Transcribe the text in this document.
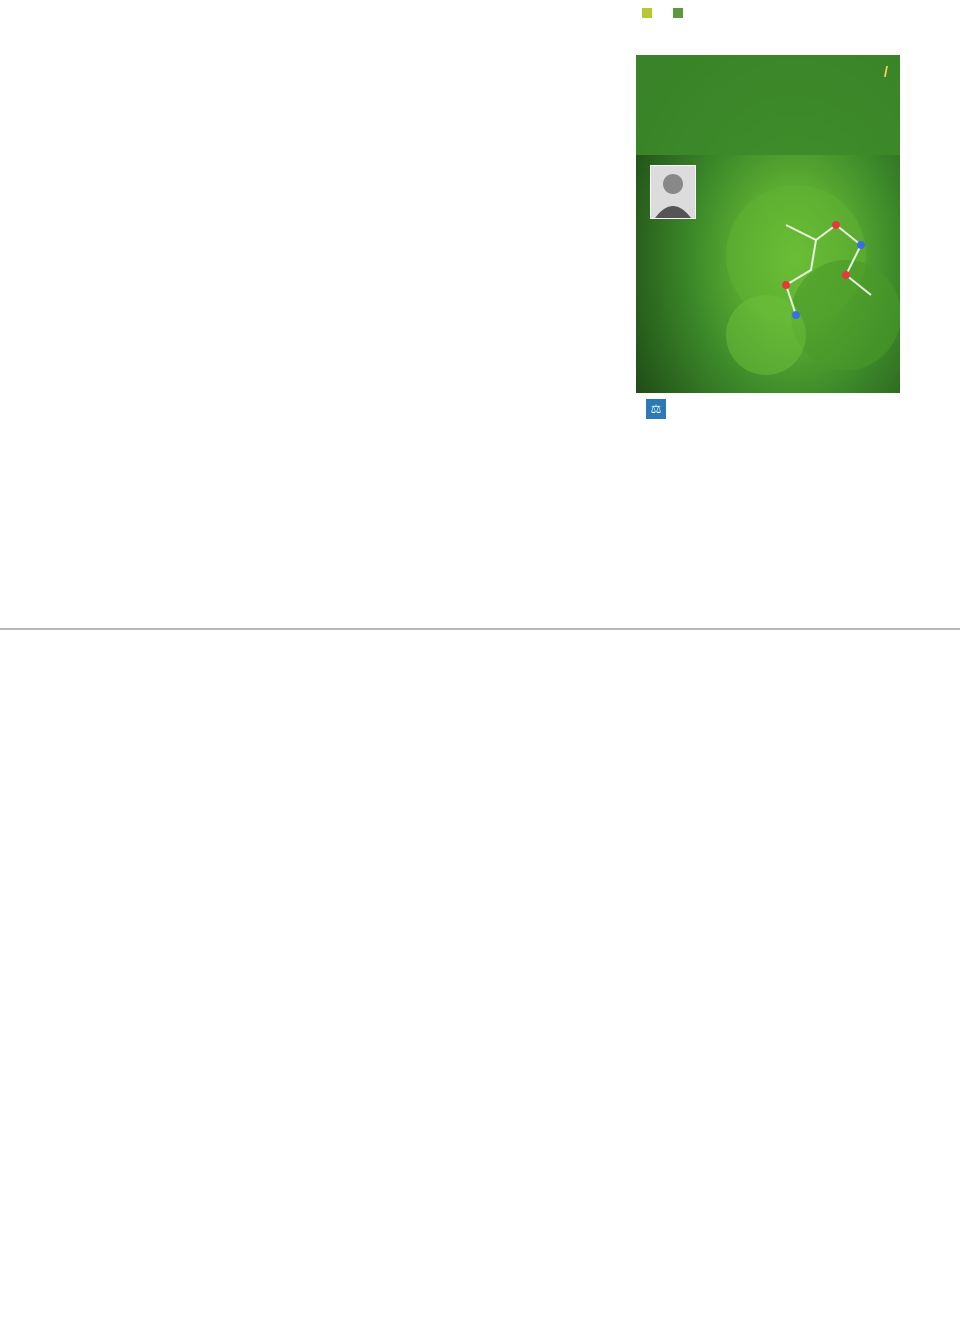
/
⚖
